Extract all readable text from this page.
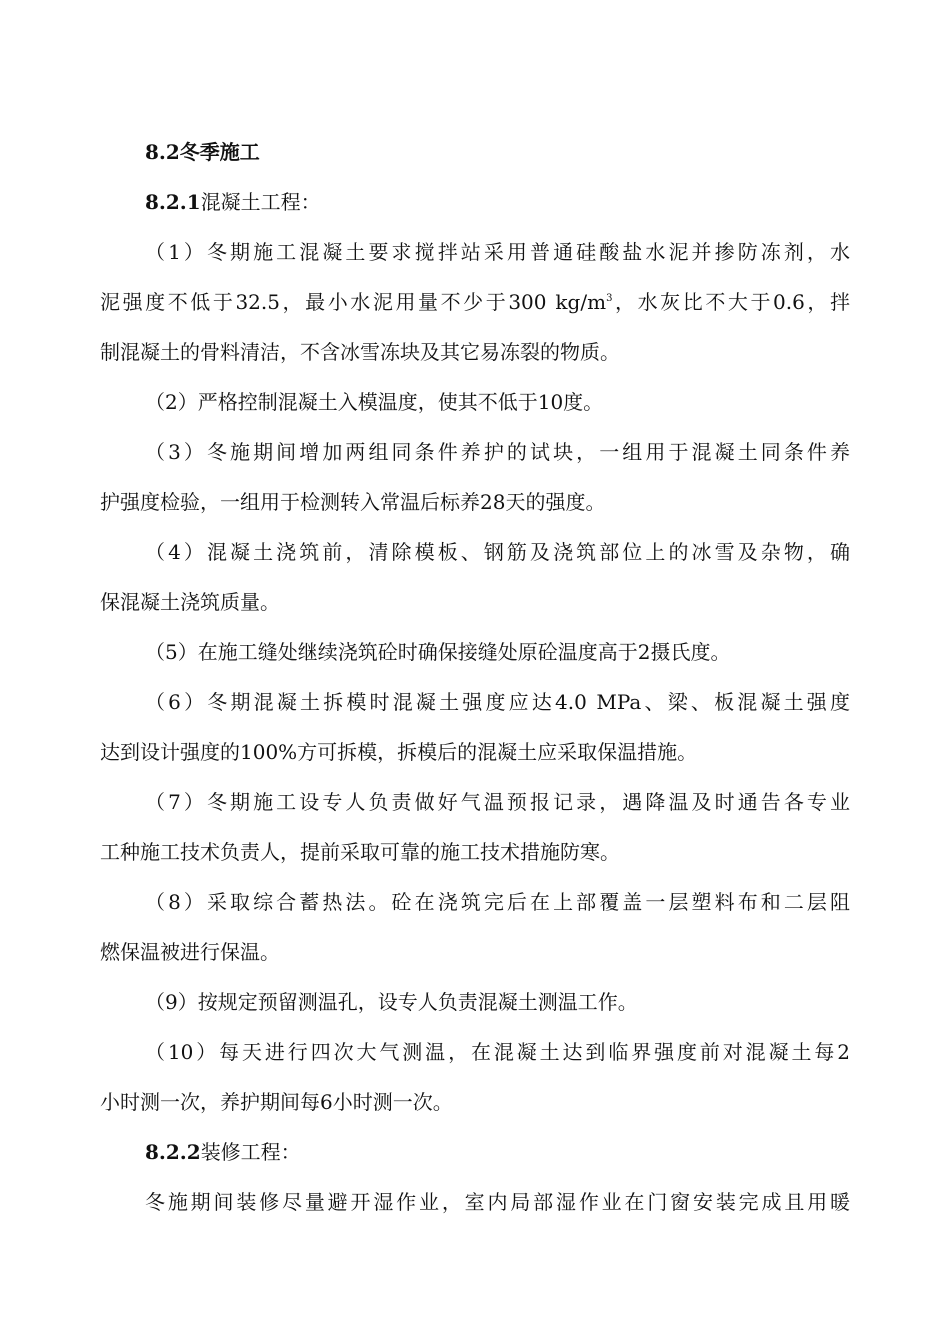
8.2冬季施工
8.2.1混凝土工程：
（1）冬期施工混凝土要求搅拌站采用普通硅酸盐水泥并掺防冻剂，水
泥强度不低于32.5，最小水泥用量不少于300 $kg/m^3$，水灰比不大于0.6，拌
制混凝土的骨料清洁，不含冰雪冻块及其它易冻裂的物质。
（2）严格控制混凝土入模温度，使其不低于10度。
（3）冬施期间增加两组同条件养护的试块，一组用于混凝土同条件养
护强度检验，一组用于检测转入常温后标养28天的强度。
（4）混凝土浇筑前，清除模板、钢筋及浇筑部位上的冰雪及杂物，确
保混凝土浇筑质量。
（5）在施工缝处继续浇筑砼时确保接缝处原砼温度高于2摄氏度。
（6）冬期混凝土拆模时混凝土强度应达4.0 MPa、梁、板混凝土强度
达到设计强度的100%方可拆模，拆模后的混凝土应采取保温措施。
（7）冬期施工设专人负责做好气温预报记录，遇降温及时通告各专业
工种施工技术负责人，提前采取可靠的施工技术措施防寒。
（8）采取综合蓄热法。砼在浇筑完后在上部覆盖一层塑料布和二层阻
燃保温被进行保温。
（9）按规定预留测温孔，设专人负责混凝土测温工作。
（10）每天进行四次大气测温，在混凝土达到临界强度前对混凝土每2
小时测一次，养护期间每6小时测一次。
8.2.2装修工程：
冬施期间装修尽量避开湿作业，室内局部湿作业在门窗安装完成且用暖
